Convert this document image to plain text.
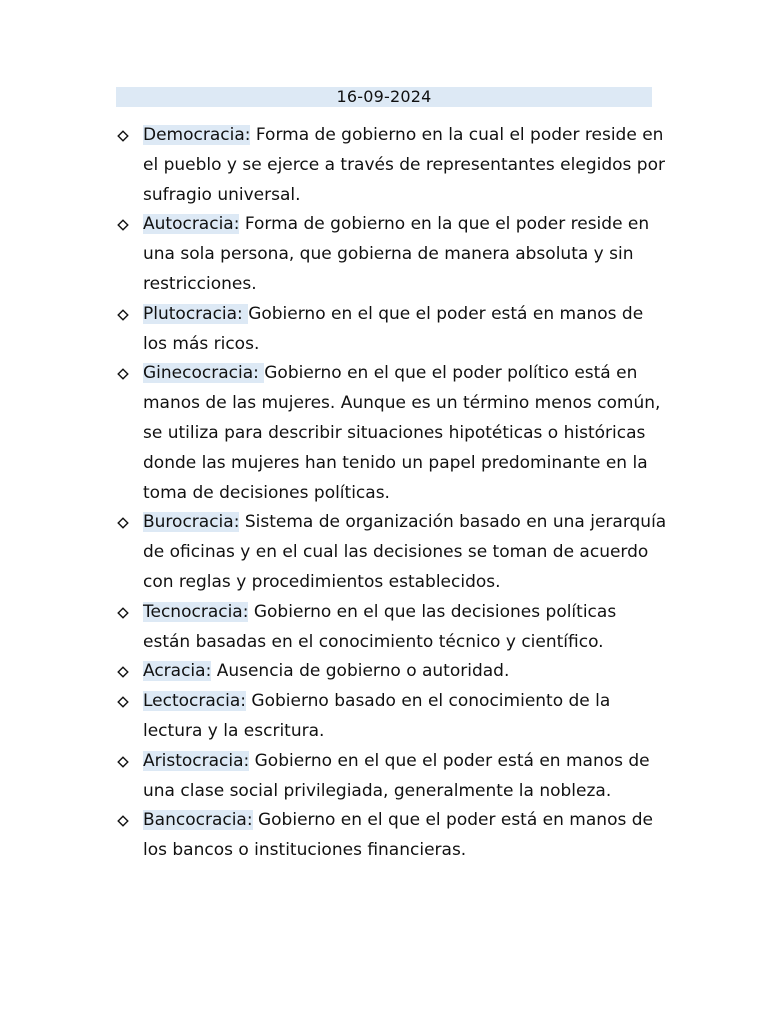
16-09-2024
Democracia: Forma de gobierno en la cual el poder reside en el pueblo y se ejerce a través de representantes elegidos por sufragio universal.
Autocracia: Forma de gobierno en la que el poder reside en una sola persona, que gobierna de manera absoluta y sin restricciones.
Plutocracia: Gobierno en el que el poder está en manos de los más ricos.
Ginecocracia: Gobierno en el que el poder político está en manos de las mujeres. Aunque es un término menos común, se utiliza para describir situaciones hipotéticas o históricas donde las mujeres han tenido un papel predominante en la toma de decisiones políticas.
Burocracia: Sistema de organización basado en una jerarquía de oficinas y en el cual las decisiones se toman de acuerdo con reglas y procedimientos establecidos.
Tecnocracia: Gobierno en el que las decisiones políticas están basadas en el conocimiento técnico y científico.
Acracia: Ausencia de gobierno o autoridad.
Lectocracia: Gobierno basado en el conocimiento de la lectura y la escritura.
Aristocracia: Gobierno en el que el poder está en manos de una clase social privilegiada, generalmente la nobleza.
Bancocracia: Gobierno en el que el poder está en manos de los bancos o instituciones financieras.
